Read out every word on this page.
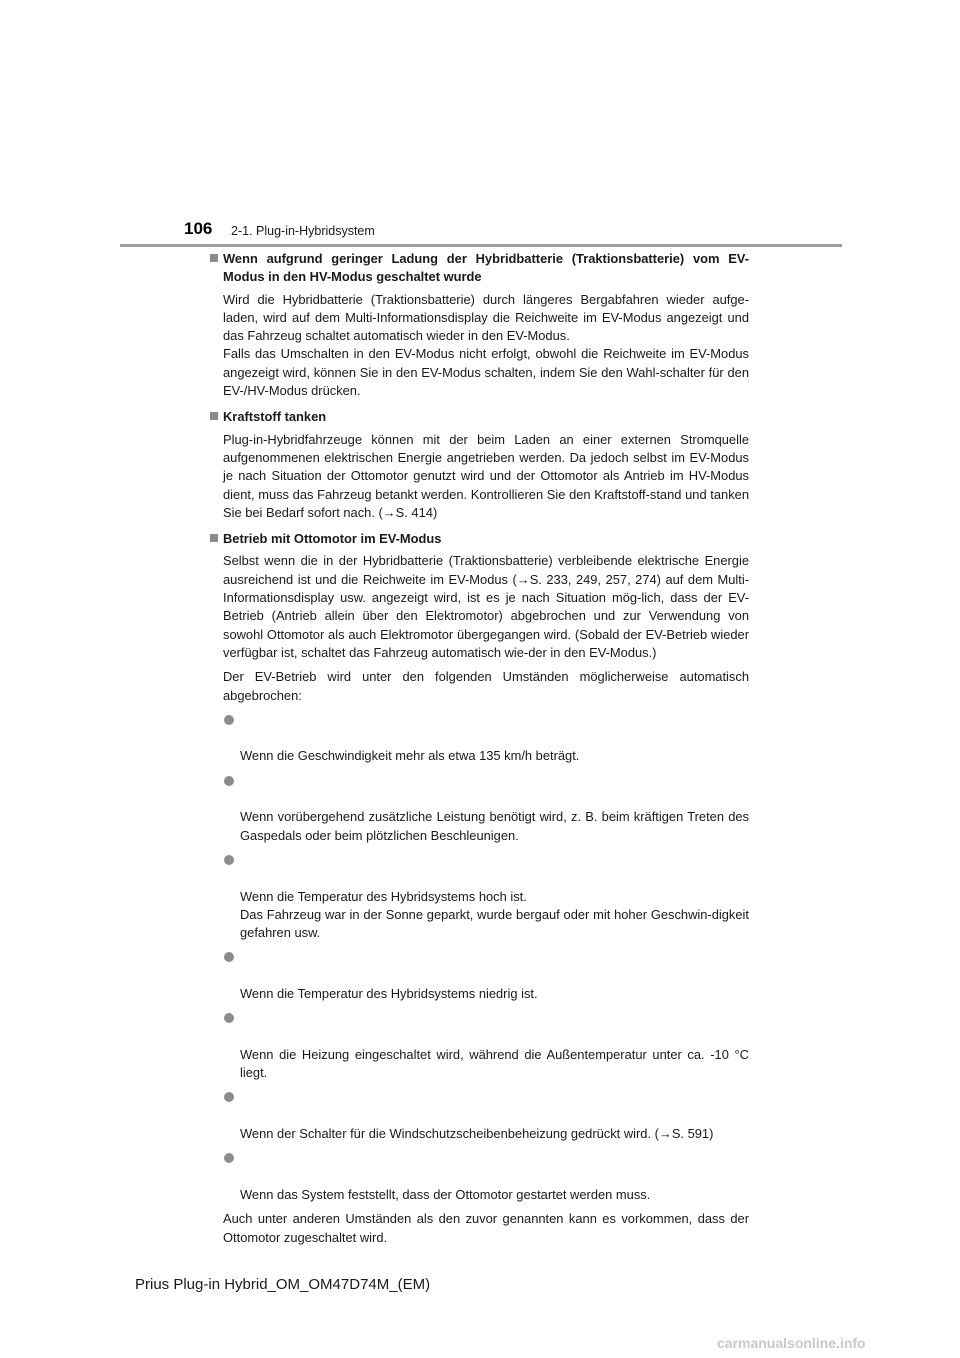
106 2-1. Plug-in-Hybridsystem
Wenn aufgrund geringer Ladung der Hybridbatterie (Traktionsbatterie) vom EV-Modus in den HV-Modus geschaltet wurde
Wird die Hybridbatterie (Traktionsbatterie) durch längeres Bergabfahren wieder aufge-laden, wird auf dem Multi-Informationsdisplay die Reichweite im EV-Modus angezeigt und das Fahrzeug schaltet automatisch wieder in den EV-Modus.
Falls das Umschalten in den EV-Modus nicht erfolgt, obwohl die Reichweite im EV-Modus angezeigt wird, können Sie in den EV-Modus schalten, indem Sie den Wahl-schalter für den EV-/HV-Modus drücken.
Kraftstoff tanken
Plug-in-Hybridfahrzeuge können mit der beim Laden an einer externen Stromquelle aufgenommenen elektrischen Energie angetrieben werden. Da jedoch selbst im EV-Modus je nach Situation der Ottomotor genutzt wird und der Ottomotor als Antrieb im HV-Modus dient, muss das Fahrzeug betankt werden. Kontrollieren Sie den Kraftstoff-stand und tanken Sie bei Bedarf sofort nach. (→S. 414)
Betrieb mit Ottomotor im EV-Modus
Selbst wenn die in der Hybridbatterie (Traktionsbatterie) verbleibende elektrische Energie ausreichend ist und die Reichweite im EV-Modus (→S. 233, 249, 257, 274) auf dem Multi-Informationsdisplay usw. angezeigt wird, ist es je nach Situation mög-lich, dass der EV-Betrieb (Antrieb allein über den Elektromotor) abgebrochen und zur Verwendung von sowohl Ottomotor als auch Elektromotor übergegangen wird. (Sobald der EV-Betrieb wieder verfügbar ist, schaltet das Fahrzeug automatisch wie-der in den EV-Modus.)
Der EV-Betrieb wird unter den folgenden Umständen möglicherweise automatisch abgebrochen:

Wenn die Geschwindigkeit mehr als etwa 135 km/h beträgt.

Wenn vorübergehend zusätzliche Leistung benötigt wird, z. B. beim kräftigen Treten des Gaspedals oder beim plötzlichen Beschleunigen.

Wenn die Temperatur des Hybridsystems hoch ist.
Das Fahrzeug war in der Sonne geparkt, wurde bergauf oder mit hoher Geschwin-digkeit gefahren usw.

Wenn die Temperatur des Hybridsystems niedrig ist.

Wenn die Heizung eingeschaltet wird, während die Außentemperatur unter ca. -10 °C liegt.

Wenn der Schalter für die Windschutzscheibenbeheizung gedrückt wird. (→S. 591)

Wenn das System feststellt, dass der Ottomotor gestartet werden muss.

Auch unter anderen Umständen als den zuvor genannten kann es vorkommen, dass der Ottomotor zugeschaltet wird.
Prius Plug-in Hybrid_OM_OM47D74M_(EM)
carmanualsonline.info
